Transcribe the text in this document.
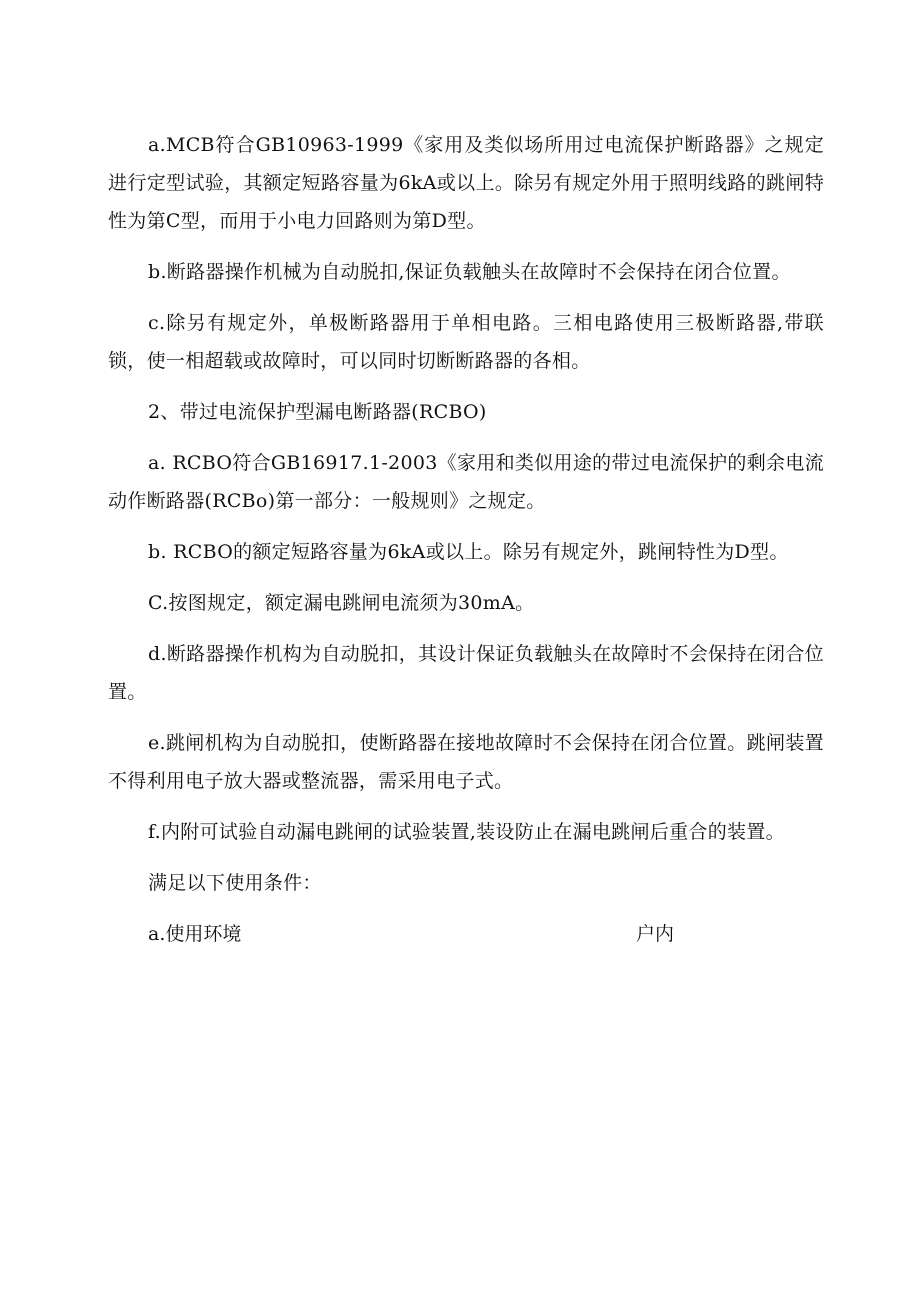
a.MCB符合GB10963-1999《家用及类似场所用过电流保护断路器》之规定进行定型试验，其额定短路容量为6kA或以上。除另有规定外用于照明线路的跳闸特性为第C型，而用于小电力回路则为第D型。

b.断路器操作机械为自动脱扣,保证负载触头在故障时不会保持在闭合位置。

c.除另有规定外，单极断路器用于单相电路。三相电路使用三极断路器,带联锁，使一相超载或故障时，可以同时切断断路器的各相。

2、带过电流保护型漏电断路器(RCBO)

a. RCBO符合GB16917.1-2003《家用和类似用途的带过电流保护的剩余电流动作断路器(RCBo)第一部分：一般规则》之规定。

b. RCBO的额定短路容量为6kA或以上。除另有规定外，跳闸特性为D型。

C.按图规定，额定漏电跳闸电流须为30mA。

d.断路器操作机构为自动脱扣，其设计保证负载触头在故障时不会保持在闭合位置。

e.跳闸机构为自动脱扣，使断路器在接地故障时不会保持在闭合位置。跳闸装置不得利用电子放大器或整流器，需采用电子式。

f.内附可试验自动漏电跳闸的试验装置,装设防止在漏电跳闸后重合的装置。

满足以下使用条件：

a.使用环境	户内
